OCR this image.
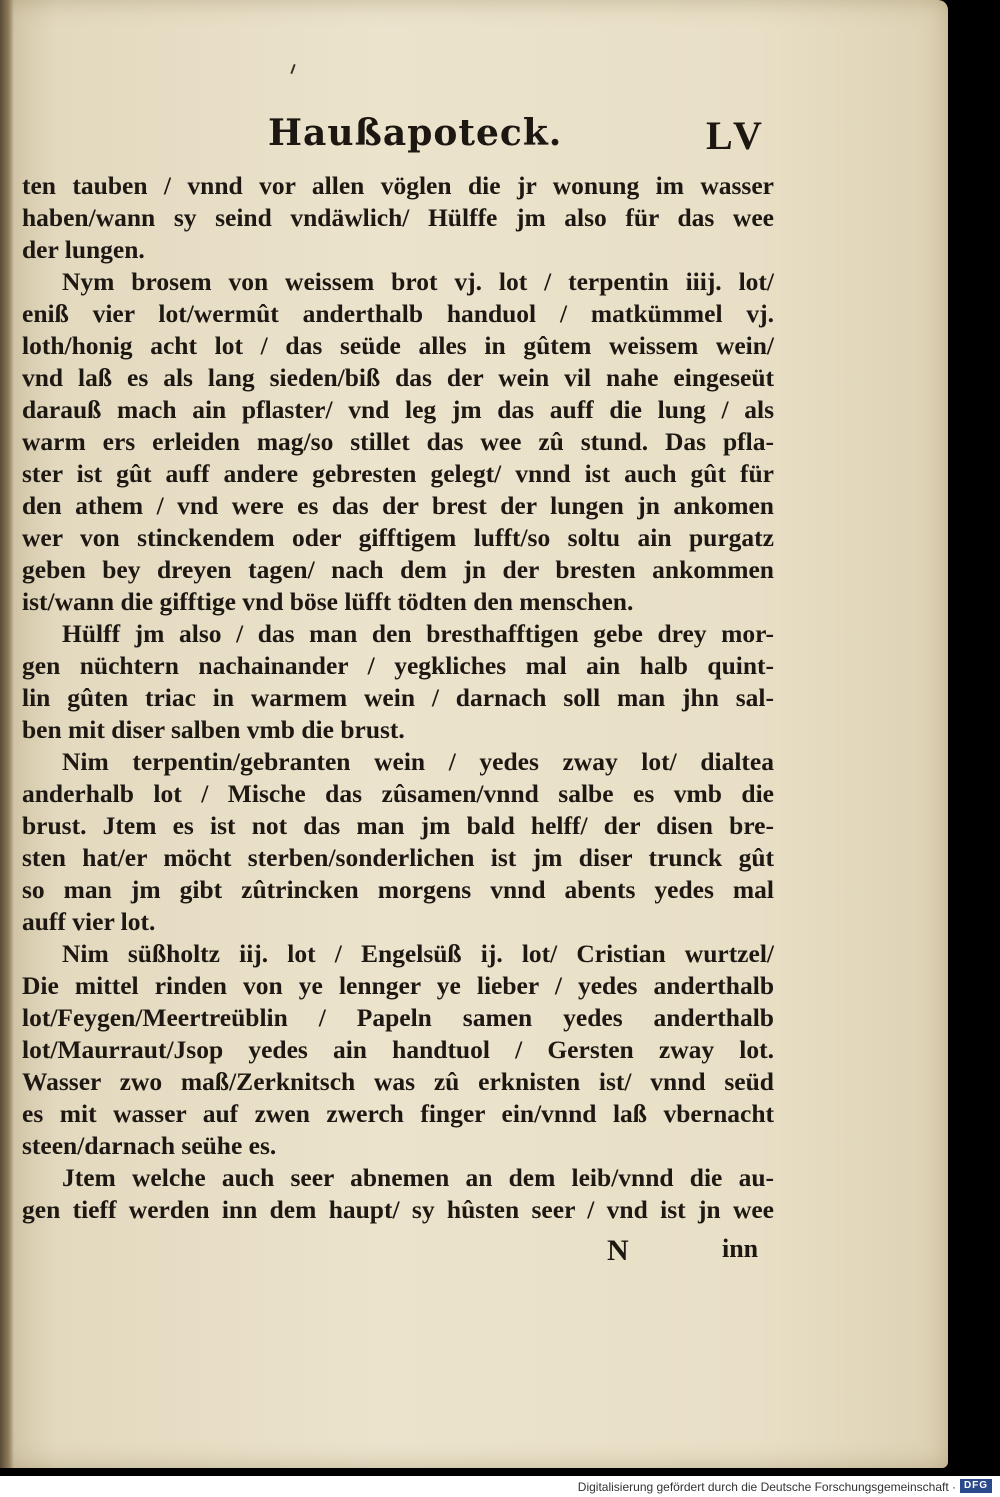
Haußapoteck.	LV
ten tauben / vnnd vor allen vöglen die jr wonung im wasser
haben/wann sy seind vndäwlich/ Hülffe jm also für das wee
der lungen.
Nym brosem von weissem brot vj. lot / terpentin iiij. lot/
eniß vier lot/wermût anderthalb handuol / matkümmel vj.
loth/honig acht lot / das seüde alles in gûtem weissem wein/
vnd laß es als lang sieden/biß das der wein vil nahe eingeseüt
darauß mach ain pflaster/ vnd leg jm das auff die lung / als
warm ers erleiden mag/so stillet das wee zû stund. Das pfla-
ster ist gût auff andere gebresten gelegt/ vnnd ist auch gût für
den athem / vnd were es das der brest der lungen jn ankomen
wer von stinckendem oder gifftigem lufft/so soltu ain purgatz
geben bey dreyen tagen/ nach dem jn der bresten ankommen
ist/wann die gifftige vnd böse lüfft tödten den menschen.
Hülff jm also / das man den bresthafftigen gebe drey mor-
gen nüchtern nachainander / yegkliches mal ain halb quint-
lin gûten triac in warmem wein / darnach soll man jhn sal-
ben mit diser salben vmb die brust.
Nim terpentin/gebranten wein / yedes zway lot/ dialtea
anderhalb lot / Mische das zûsamen/vnnd salbe es vmb die
brust. Jtem es ist not das man jm bald helff/ der disen bre-
sten hat/er möcht sterben/sonderlichen ist jm diser trunck gût
so man jm gibt zûtrincken morgens vnnd abents yedes mal
auff vier lot.
Nim süßholtz iij. lot / Engelsüß ij. lot/ Cristian wurtzel/
Die mittel rinden von ye lennger ye lieber / yedes anderthalb
lot/Feygen/Meertreüblin / Papeln samen yedes anderthalb
lot/Maurraut/Jsop yedes ain handtuol / Gersten zway lot.
Wasser zwo maß/Zerknitsch was zû erknisten ist/ vnnd seüd
es mit wasser auf zwen zwerch finger ein/vnnd laß vbernacht
steen/darnach seühe es.
Jtem welche auch seer abnemen an dem leib/vnnd die au-
gen tieff werden inn dem haupt/ sy hûsten seer / vnd ist jn wee
N	inn
Digitalisierung gefördert durch die Deutsche Forschungsgemeinschaft · DFG
